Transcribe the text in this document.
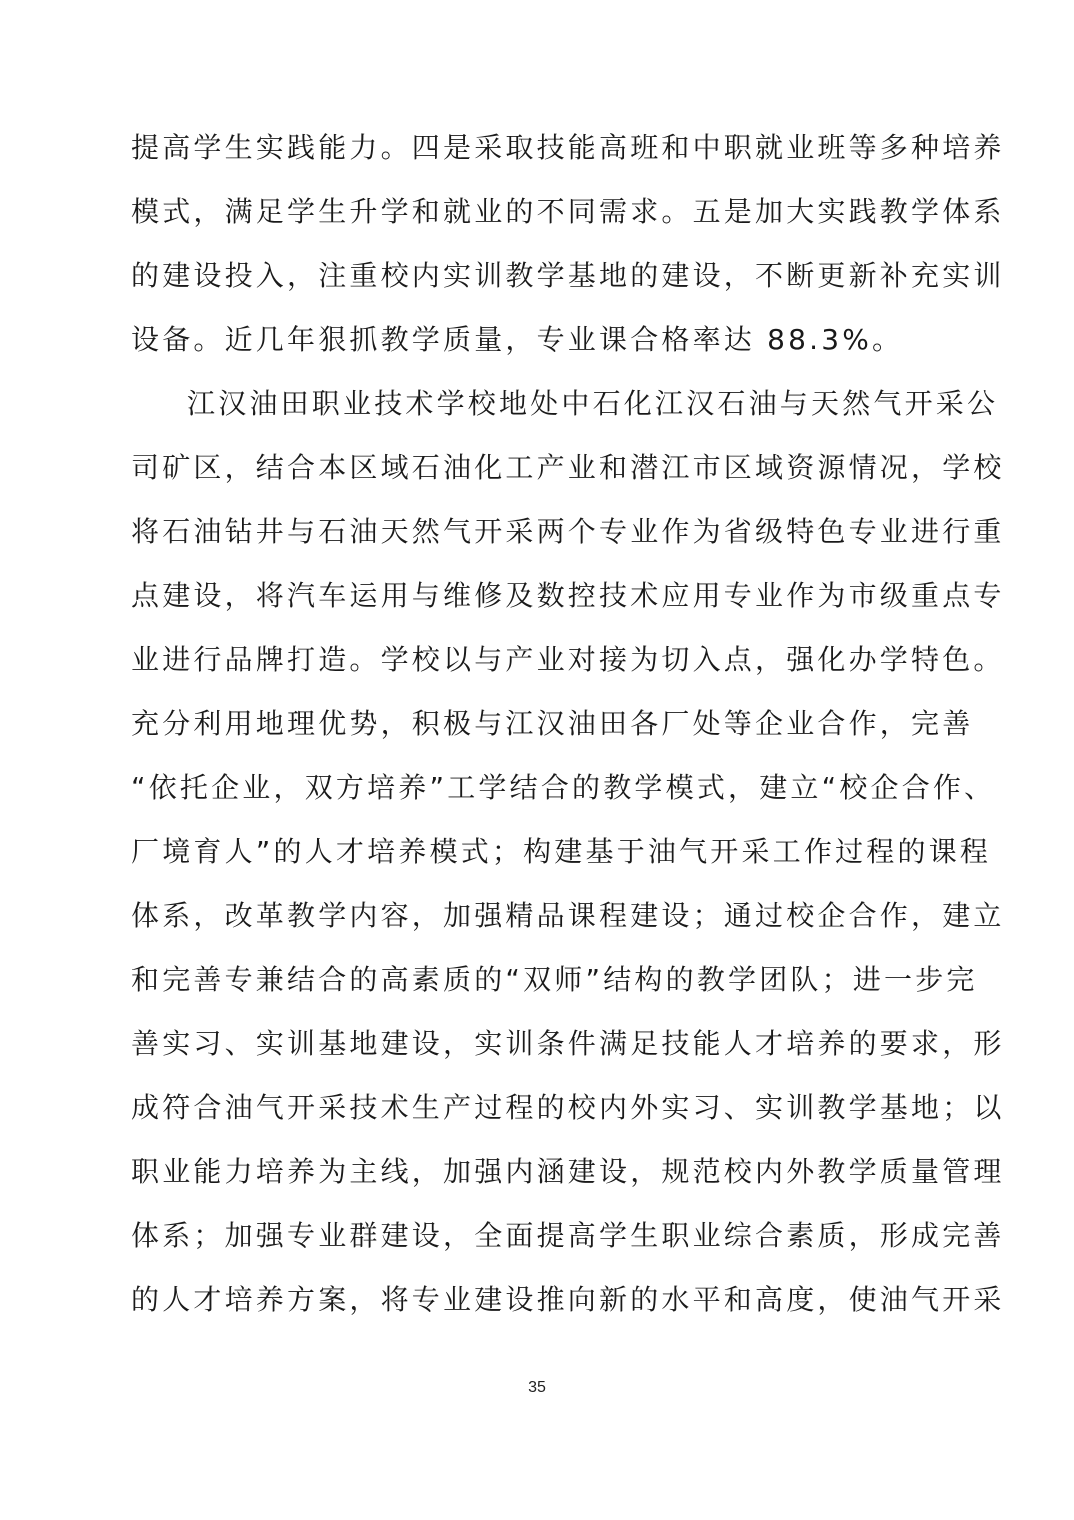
提高学生实践能力。四是采取技能高班和中职就业班等多种培养
模式，满足学生升学和就业的不同需求。五是加大实践教学体系
的建设投入，注重校内实训教学基地的建设，不断更新补充实训
设备。近几年狠抓教学质量，专业课合格率达 88.3%。
江汉油田职业技术学校地处中石化江汉石油与天然气开采公
司矿区，结合本区域石油化工产业和潜江市区域资源情况，学校
将石油钻井与石油天然气开采两个专业作为省级特色专业进行重
点建设，将汽车运用与维修及数控技术应用专业作为市级重点专
业进行品牌打造。学校以与产业对接为切入点，强化办学特色。
充分利用地理优势，积极与江汉油田各厂处等企业合作，完善
“依托企业，双方培养”工学结合的教学模式，建立“校企合作、
厂境育人”的人才培养模式；构建基于油气开采工作过程的课程
体系，改革教学内容，加强精品课程建设；通过校企合作，建立
和完善专兼结合的高素质的“双师”结构的教学团队；进一步完
善实习、实训基地建设，实训条件满足技能人才培养的要求，形
成符合油气开采技术生产过程的校内外实习、实训教学基地；以
职业能力培养为主线，加强内涵建设，规范校内外教学质量管理
体系；加强专业群建设，全面提高学生职业综合素质，形成完善
的人才培养方案，将专业建设推向新的水平和高度，使油气开采
35
